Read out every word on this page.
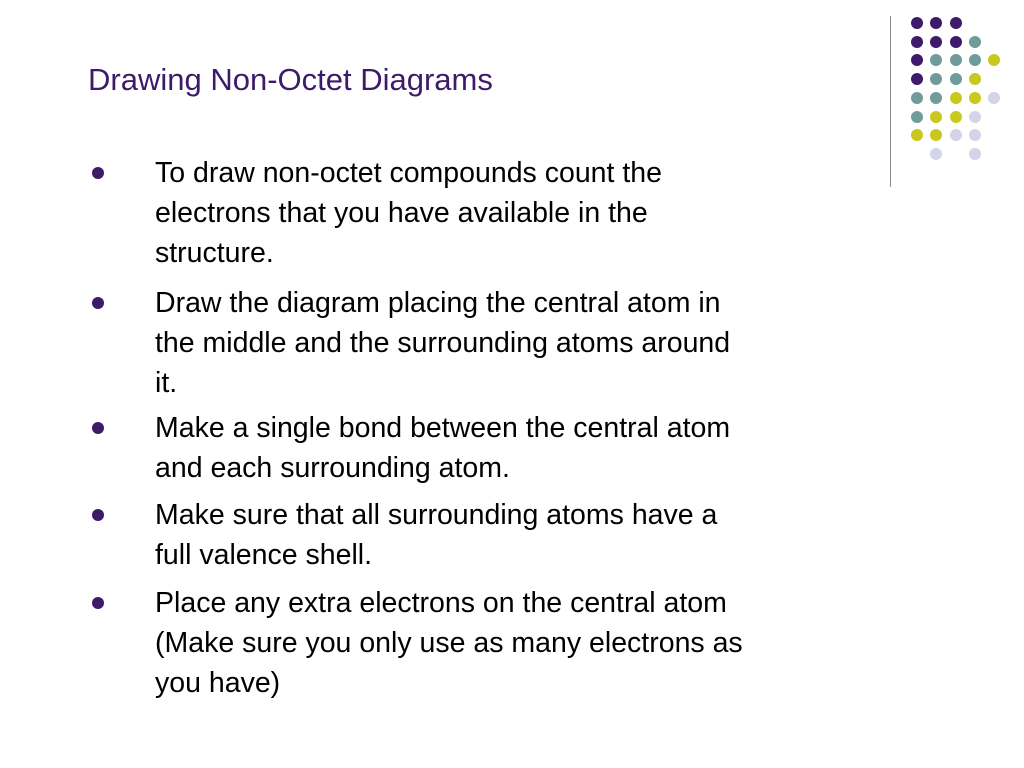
Drawing Non-Octet Diagrams
To draw non-octet compounds count the
electrons that you have available in the
structure.
Draw the diagram placing the central atom in
the middle and the surrounding atoms around
it.
Make a single bond between the central atom
and each surrounding atom.
Make sure that all surrounding atoms have a
full valence shell.
Place any extra electrons on the central atom
(Make sure you only use as many electrons as
you have)
